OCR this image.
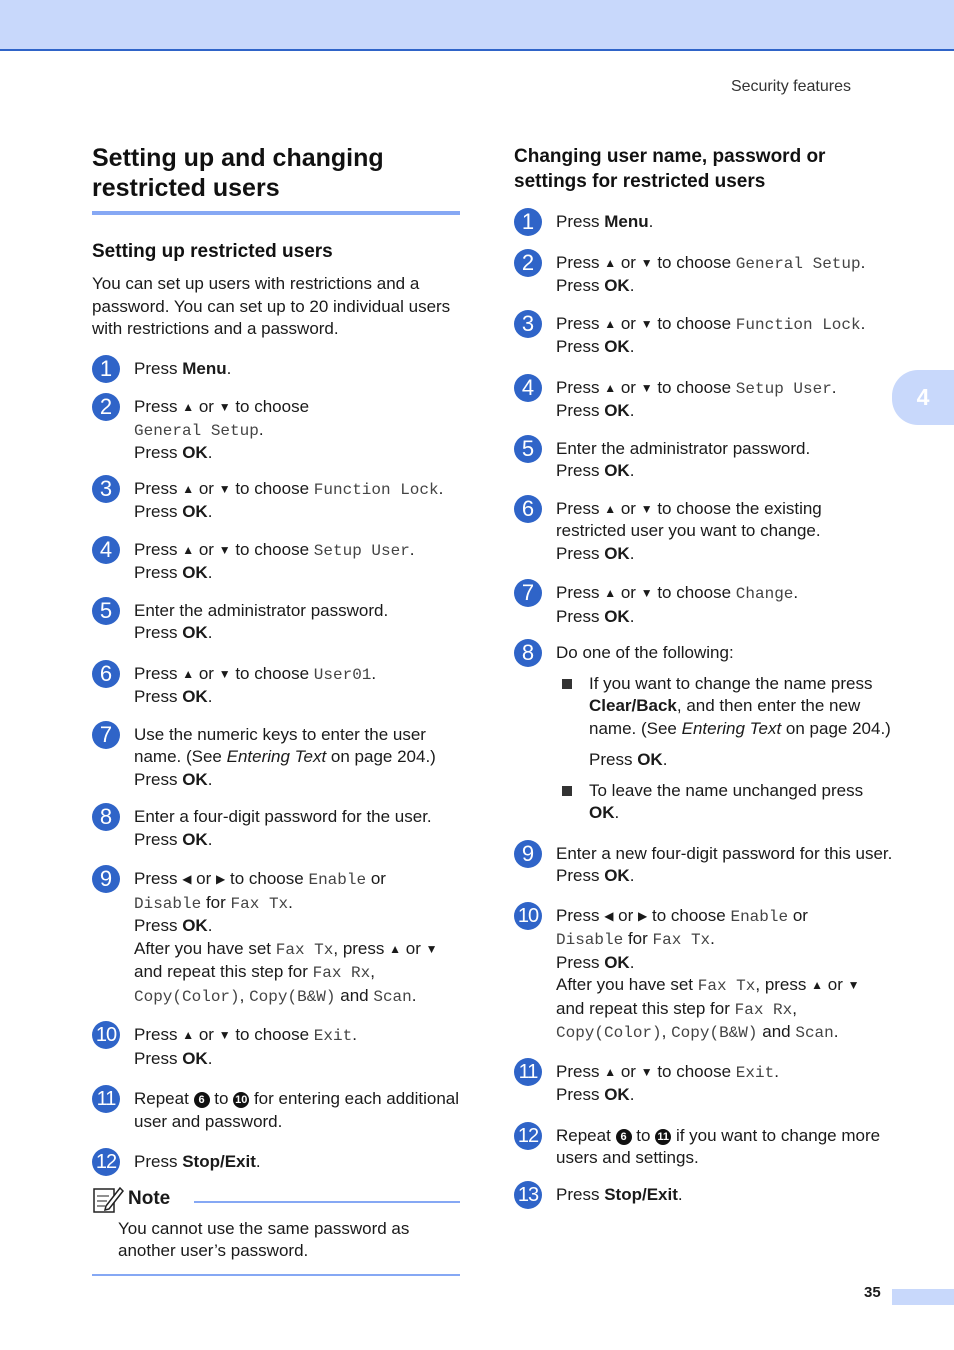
Security features
4
Setting up and changing
restricted users
Setting up restricted users

You can set up users with restrictions and a password. You can set up to 20 individual users with restrictions and a password.

1	Press Menu.
2	Press ▲ or ▼ to choose
General Setup.
Press OK.
3	Press ▲ or ▼ to choose Function Lock.
Press OK.
4	Press ▲ or ▼ to choose Setup User.
Press OK.
5	Enter the administrator password.
Press OK.
6	Press ▲ or ▼ to choose User01.
Press OK.
7	Use the numeric keys to enter the user name. (See Entering Text on page 204.)
Press OK.
8	Enter a four-digit password for the user.
Press OK.
9	Press ◀ or ▶ to choose Enable or
Disable for Fax Tx.
Press OK.
After you have set Fax Tx, press ▲ or ▼
and repeat this step for Fax Rx,
Copy(Color), Copy(B&W) and Scan.
10 Press ▲ or ▼ to choose Exit.
Press OK.
11 Repeat 6 to 10 for entering each additional user and password.
12 Press Stop/Exit.
Note
You cannot use the same password as another user’s password.
Changing user name, password or
settings for restricted users
1	Press Menu.
2	Press ▲ or ▼ to choose General Setup.
Press OK.
3	Press ▲ or ▼ to choose Function Lock.
Press OK.
4	Press ▲ or ▼ to choose Setup User.
Press OK.
5	Enter the administrator password.
Press OK.
6	Press ▲ or ▼ to choose the existing restricted user you want to change.
Press OK.
7	Press ▲ or ▼ to choose Change.
Press OK.
8	Do one of the following:
If you want to change the name press Clear/Back, and then enter the new name. (See Entering Text on page 204.)
Press OK.
To leave the name unchanged press OK.
9	Enter a new four-digit password for this user.
Press OK.
10 Press ◀ or ▶ to choose Enable or
Disable for Fax Tx.
Press OK.
After you have set Fax Tx, press ▲ or ▼
and repeat this step for Fax Rx,
Copy(Color), Copy(B&W) and Scan.
11 Press ▲ or ▼ to choose Exit.
Press OK.
12 Repeat 6 to 11 if you want to change more users and settings.
13 Press Stop/Exit.
35
